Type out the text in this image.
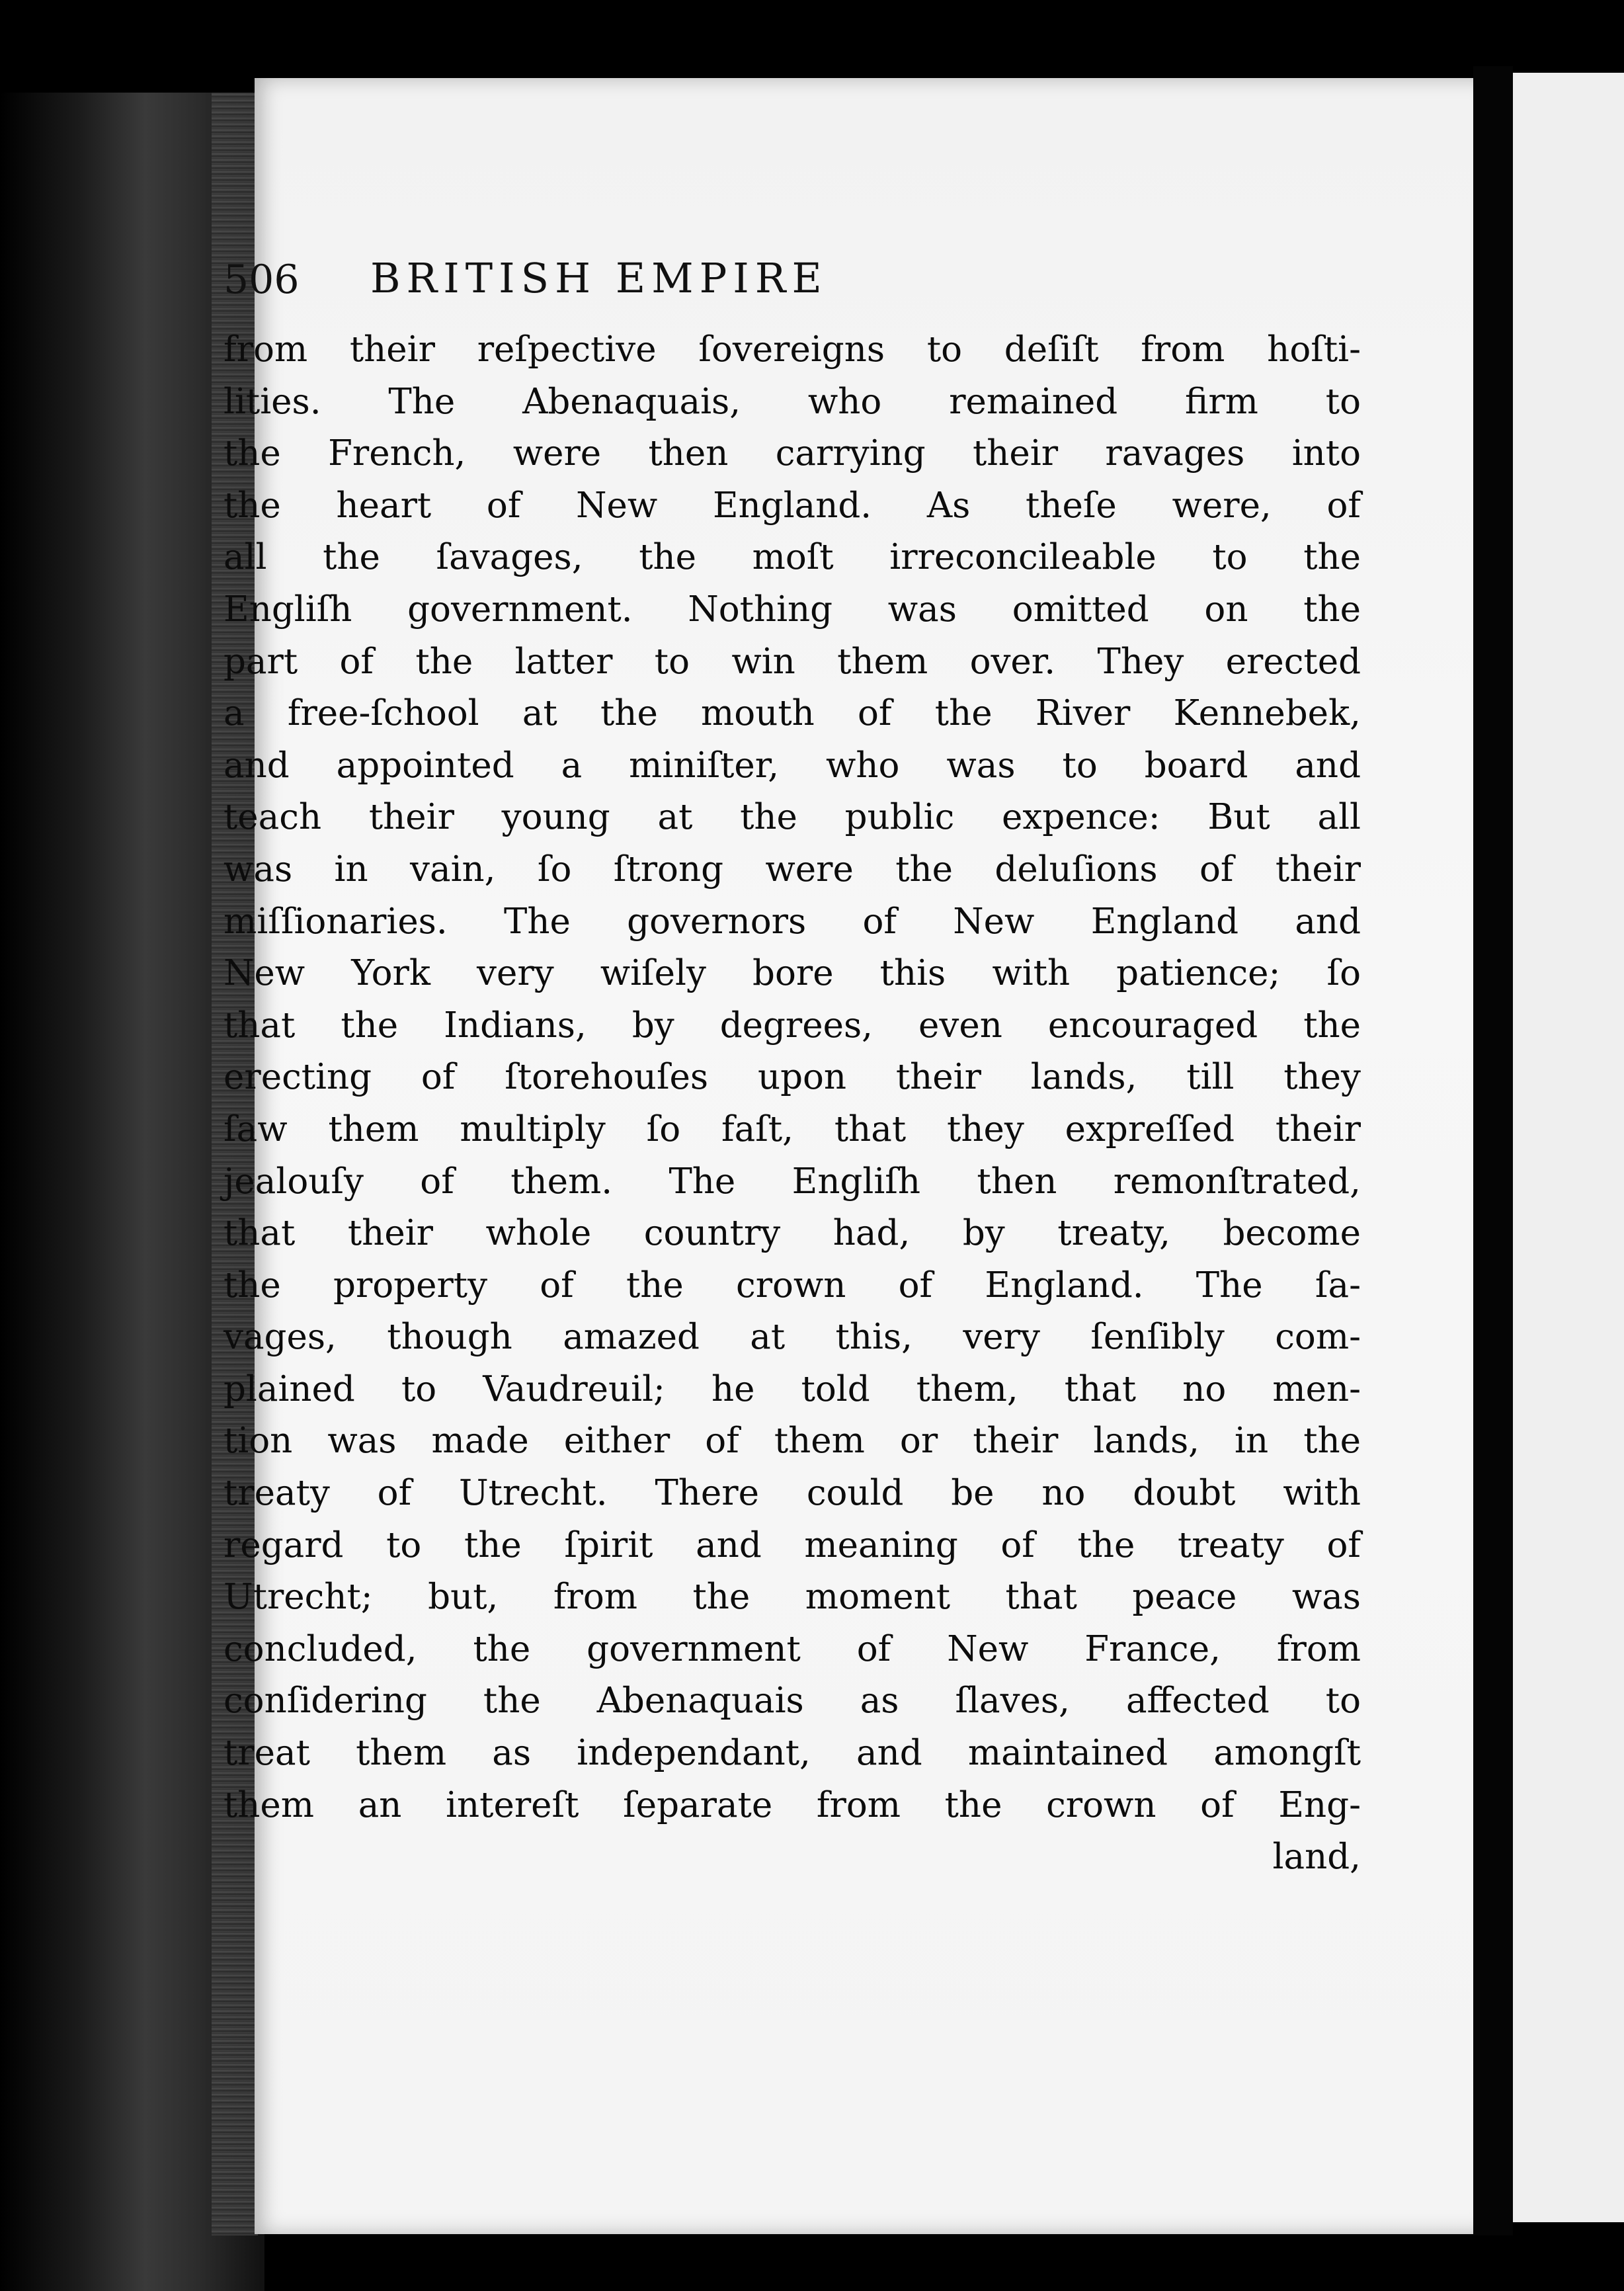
506 BRITISH EMPIRE
from their reſpective ſovereigns to deſiſt from hoſti-
lities. The Abenaquais, who remained firm to
the French, were then carrying their ravages into
the heart of New England. As theſe were, of
all the ſavages, the moſt irreconcileable to the
Engliſh government. Nothing was omitted on the
part of the latter to win them over. They erected
a free-ſchool at the mouth of the River Kennebek,
and appointed a miniſter, who was to board and
teach their young at the public expence: But all
was in vain, ſo ſtrong were the deluſions of their
miſſionaries. The governors of New England and
New York very wiſely bore this with patience; ſo
that the Indians, by degrees, even encouraged the
erecting of ſtorehouſes upon their lands, till they
ſaw them multiply ſo faſt, that they expreſſed their
jealouſy of them. The Engliſh then remonſtrated,
that their whole country had, by treaty, become
the property of the crown of England. The ſa-
vages, though amazed at this, very ſenſibly com-
plained to Vaudreuil; he told them, that no men-
tion was made either of them or their lands, in the
treaty of Utrecht. There could be no doubt with
regard to the ſpirit and meaning of the treaty of
Utrecht; but, from the moment that peace was
concluded, the government of New France, from
conſidering the Abenaquais as ſlaves, affected to
treat them as independant, and maintained amongſt
them an intereſt ſeparate from the crown of Eng-
land,
